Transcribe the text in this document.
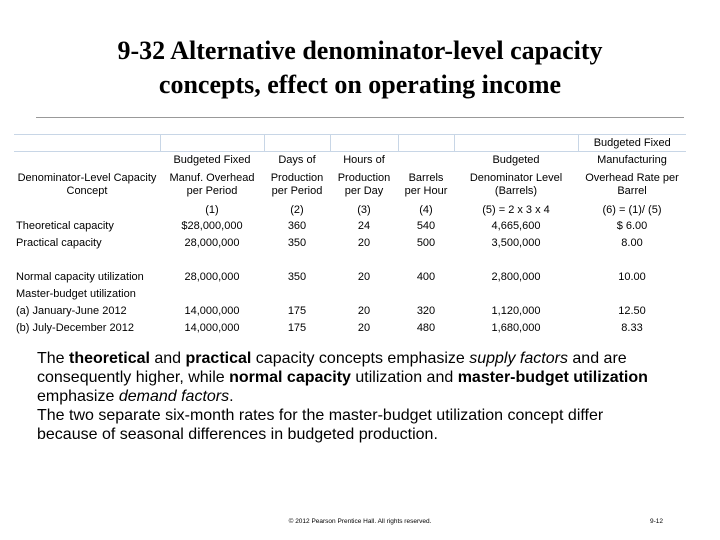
9-32 Alternative denominator-level capacity
concepts, effect on operating income
						Budgeted Fixed
	Budgeted Fixed	Days of	Hours of		Budgeted	Manufacturing
Denominator-Level Capacity Concept	Manuf. Overhead per Period	Production per Period	Production per Day	Barrels per Hour	Denominator Level (Barrels)	Overhead Rate per Barrel
	(1)	(2)	(3)	(4)	(5) = 2 x 3 x 4	(6) = (1)/ (5)
Theoretical capacity	$28,000,000	360	24	540	4,665,600	$ 6.00
Practical capacity	28,000,000	350	20	500	3,500,000	8.00

Normal capacity utilization	28,000,000	350	20	400	2,800,000	10.00
Master-budget utilization						
(a) January-June 2012	14,000,000	175	20	320	1,120,000	12.50
(b) July-December 2012	14,000,000	175	20	480	1,680,000	8.33

The theoretical and practical capacity concepts emphasize supply factors and are consequently higher, while normal capacity utilization and master-budget utilization emphasize demand factors.

The two separate six-month rates for the master-budget utilization concept differ because of seasonal differences in budgeted production.

© 2012 Pearson Prentice Hall. All rights reserved.	9-12
